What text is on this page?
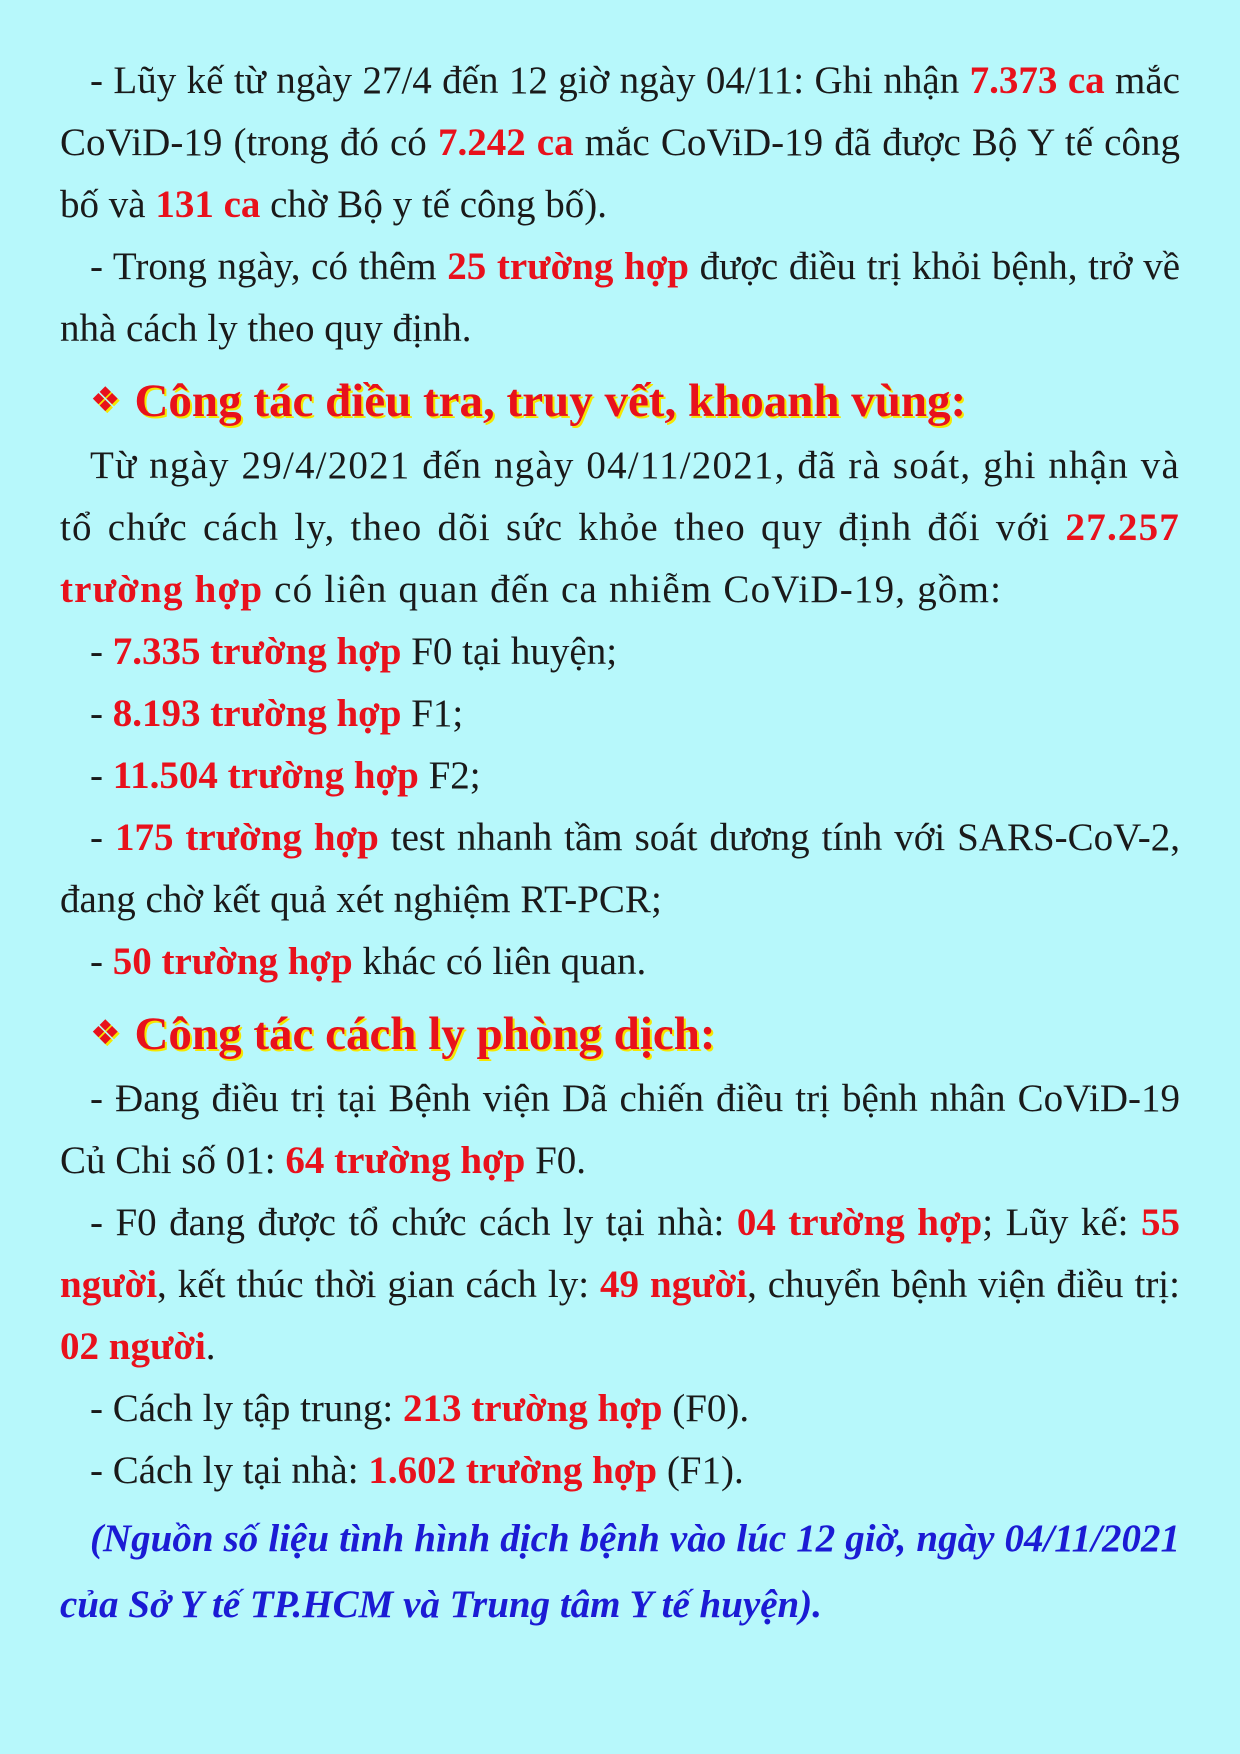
- Lũy kế từ ngày 27/4 đến 12 giờ ngày 04/11: Ghi nhận 7.373 ca mắc CoViD-19 (trong đó có 7.242 ca mắc CoViD-19 đã được Bộ Y tế công bố và 131 ca chờ Bộ y tế công bố).

- Trong ngày, có thêm 25 trường hợp được điều trị khỏi bệnh, trở về nhà cách ly theo quy định.

❖ Công tác điều tra, truy vết, khoanh vùng:

Từ ngày 29/4/2021 đến ngày 04/11/2021, đã rà soát, ghi nhận và tổ chức cách ly, theo dõi sức khỏe theo quy định đối với 27.257 trường hợp có liên quan đến ca nhiễm CoViD-19, gồm:

- 7.335 trường hợp F0 tại huyện;

- 8.193 trường hợp F1;

- 11.504 trường hợp F2;

- 175 trường hợp test nhanh tầm soát dương tính với SARS-CoV-2, đang chờ kết quả xét nghiệm RT-PCR;

- 50 trường hợp khác có liên quan.

❖ Công tác cách ly phòng dịch:

- Đang điều trị tại Bệnh viện Dã chiến điều trị bệnh nhân CoViD-19 Củ Chi số 01: 64 trường hợp F0.

- F0 đang được tổ chức cách ly tại nhà: 04 trường hợp; Lũy kế: 55 người, kết thúc thời gian cách ly: 49 người, chuyển bệnh viện điều trị: 02 người.

- Cách ly tập trung: 213 trường hợp (F0).

- Cách ly tại nhà: 1.602 trường hợp (F1).

(Nguồn số liệu tình hình dịch bệnh vào lúc 12 giờ, ngày 04/11/2021 của Sở Y tế TP.HCM và Trung tâm Y tế huyện).
